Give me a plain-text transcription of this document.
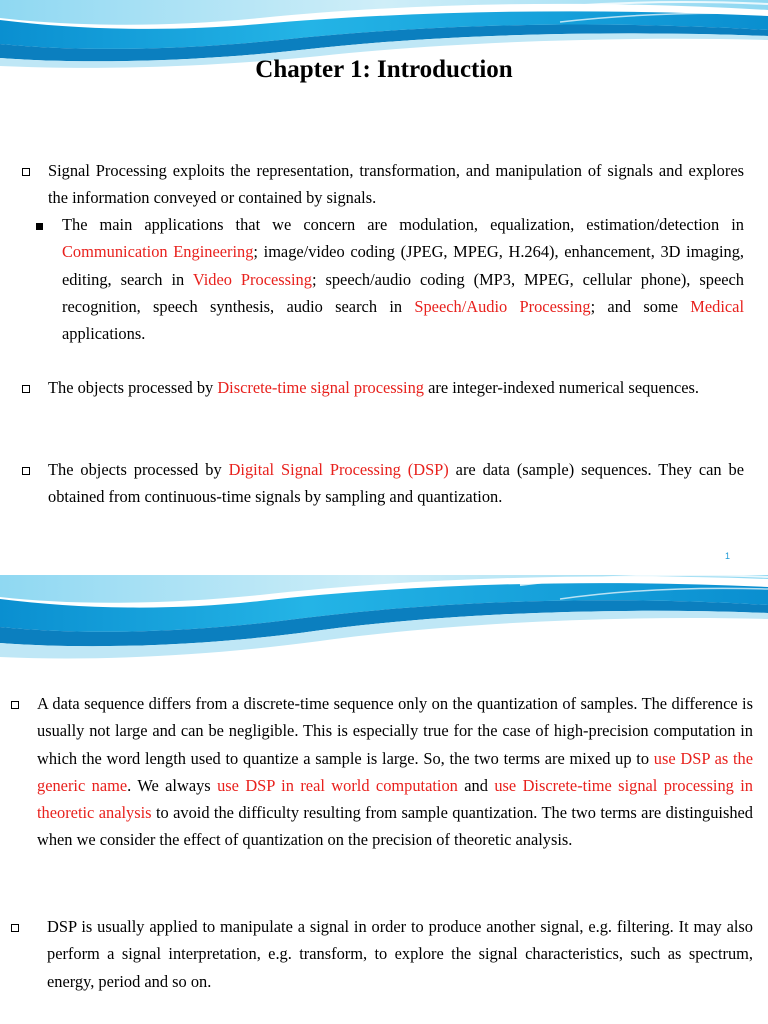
Chapter 1: Introduction

Signal Processing exploits the representation, transformation, and manipulation of signals and explores the information conveyed or contained by signals.

The main applications that we concern are modulation, equalization, estimation/detection in Communication Engineering; image/video coding (JPEG, MPEG, H.264), enhancement, 3D imaging, editing, search in Video Processing; speech/audio coding (MP3, MPEG, cellular phone), speech recognition, speech synthesis, audio search in Speech/Audio Processing; and some Medical applications.

The objects processed by Discrete-time signal processing are integer-indexed numerical sequences.

The objects processed by Digital Signal Processing (DSP) are data (sample) sequences. They can be obtained from continuous-time signals by sampling and quantization.

1

A data sequence differs from a discrete-time sequence only on the quantization of samples. The difference is usually not large and can be negligible. This is especially true for the case of high-precision computation in which the word length used to quantize a sample is large. So, the two terms are mixed up to use DSP as the generic name. We always use DSP in real world computation and use Discrete-time signal processing in theoretic analysis to avoid the difficulty resulting from sample quantization. The two terms are distinguished when we consider the effect of quantization on the precision of theoretic analysis.

DSP is usually applied to manipulate a signal in order to produce another signal, e.g. filtering. It may also perform a signal interpretation, e.g. transform, to explore the signal characteristics, such as spectrum, energy, period and so on.
